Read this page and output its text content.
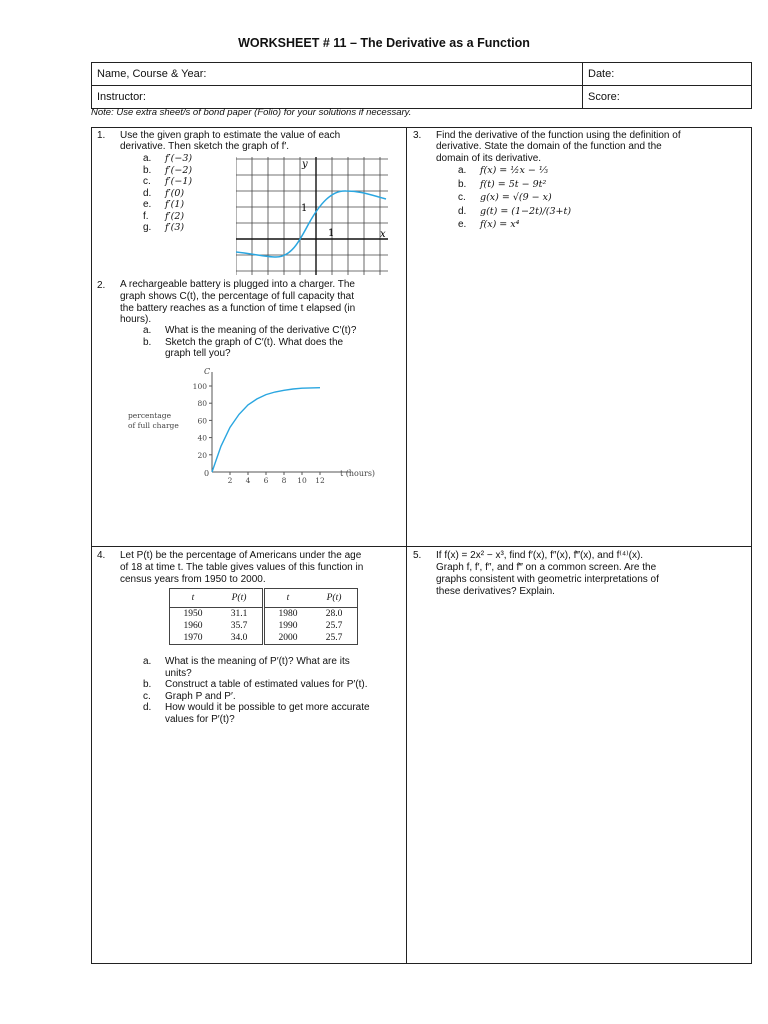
WORKSHEET # 11 – The Derivative as a Function
Name, Course & Year:	Date:
Instructor:	Score:
Note: Use extra sheet/s of bond paper (Folio) for your solutions if necessary.
1. Use the given graph to estimate the value of each
derivative. Then sketch the graph of f′.
a. f′(−3)
b. f′(−2)
c. f′(−1)
d. f′(0)
e. f′(1)
f. f′(2)
g. f′(3)
y
x
1
1
2. A rechargeable battery is plugged into a charger. The
graph shows C(t), the percentage of full capacity that
the battery reaches as a function of time t elapsed (in
hours).
a. What is the meaning of the derivative C′(t)?
b. Sketch the graph of C′(t). What does the
graph tell you?
C
percentage
of full charge
2 4 6 8 10 12
20
40
60
80
100
0	t (hours)
3. Find the derivative of the function using the definition of
derivative. State the domain of the function and the
domain of its derivative.
a. f(x) = ½x − ⅓
b. f(t) = 5t − 9t²
c. g(x) = √(9 − x)
d. g(t) = (1−2t)/(3+t)
e. f(x) = x⁴
4. Let P(t) be the percentage of Americans under the age
of 18 at time t. The table gives values of this function in
census years from 1950 to 2000.
t	P(t)	t	P(t)
1950	31.1	1980	28.0
1960	35.7	1990	25.7
1970	34.0	2000	25.7
a. What is the meaning of P′(t)? What are its
units?
b. Construct a table of estimated values for P′(t).
c. Graph P and P′.
d. How would it be possible to get more accurate
values for P′(t)?
5. If f(x) = 2x² − x³, find f′(x), f″(x), f‴(x), and f⁽⁴⁾(x).
Graph f, f′, f″, and f‴ on a common screen. Are the
graphs consistent with geometric interpretations of
these derivatives? Explain.
